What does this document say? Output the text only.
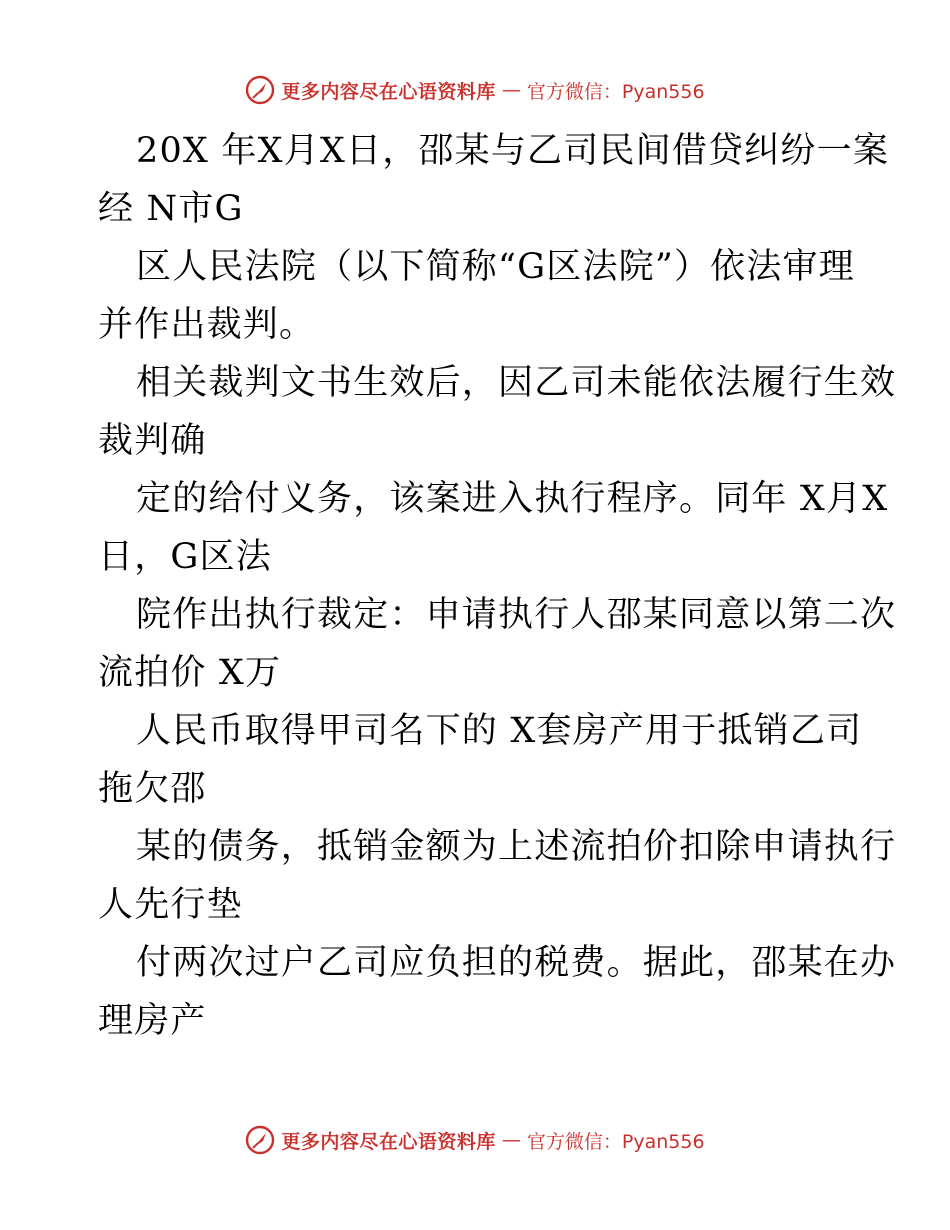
更多内容尽在心语资料库 — 官方微信：Pyan556
20X 年X月X日，邵某与乙司民间借贷纠纷一案
经 N市G
区人民法院（以下简称“G区法院”）依法审理
并作出裁判。
相关裁判文书生效后，因乙司未能依法履行生效
裁判确
定的给付义务，该案进入执行程序。同年 X月X
日，G区法
院作出执行裁定：申请执行人邵某同意以第二次
流拍价 X万
人民币取得甲司名下的 X套房产用于抵销乙司
拖欠邵
某的债务，抵销金额为上述流拍价扣除申请执行
人先行垫
付两次过户乙司应负担的税费。据此，邵某在办
理房产
更多内容尽在心语资料库 — 官方微信：Pyan556
